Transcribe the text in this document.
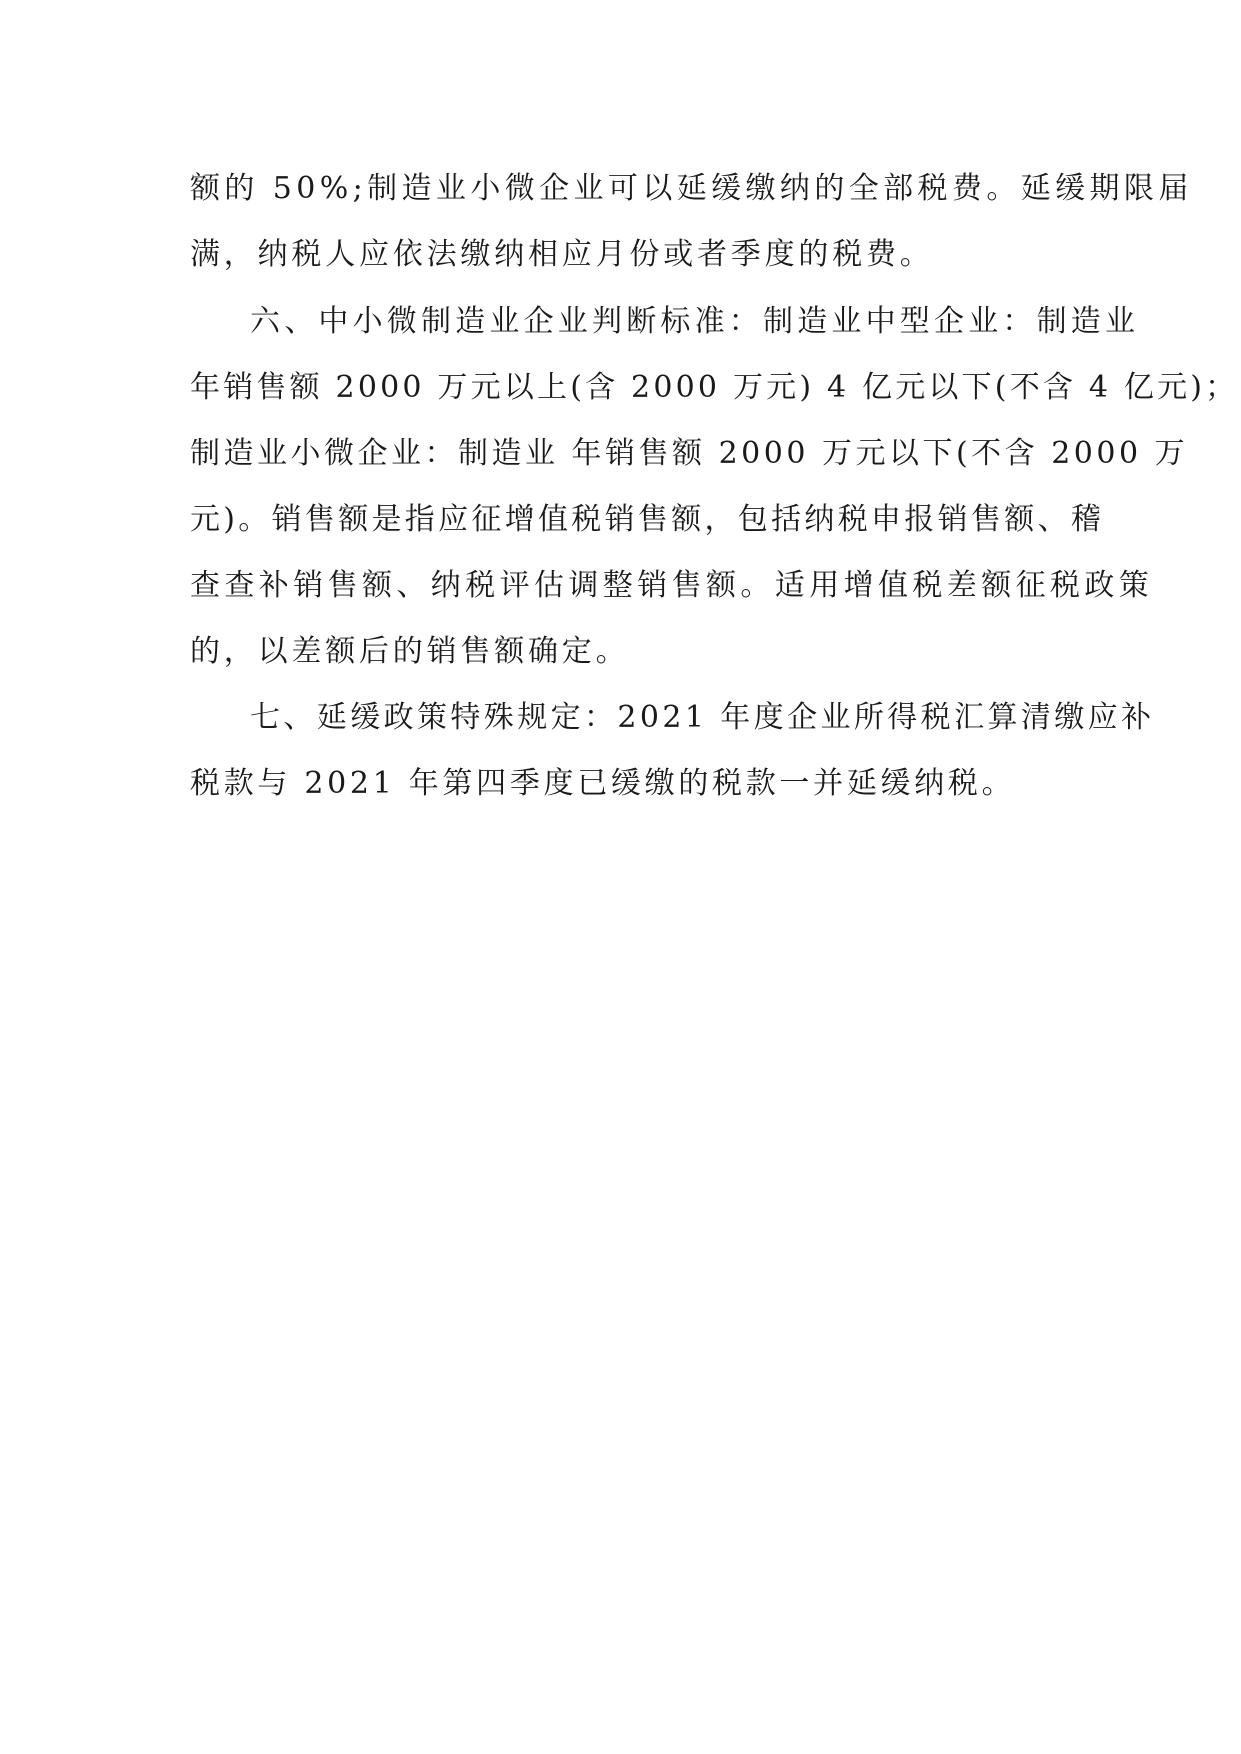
额的 50%;制造业小微企业可以延缓缴纳的全部税费。延缓期限届
满，纳税人应依法缴纳相应月份或者季度的税费。
六、中小微制造业企业判断标准：制造业中型企业：制造业
年销售额 2000 万元以上(含 2000 万元) 4 亿元以下(不含 4 亿元)；
制造业小微企业：制造业 年销售额 2000 万元以下(不含 2000 万
元)。销售额是指应征增值税销售额，包括纳税申报销售额、稽
查查补销售额、纳税评估调整销售额。适用增值税差额征税政策
的，以差额后的销售额确定。
七、延缓政策特殊规定：2021 年度企业所得税汇算清缴应补
税款与 2021 年第四季度已缓缴的税款一并延缓纳税。
